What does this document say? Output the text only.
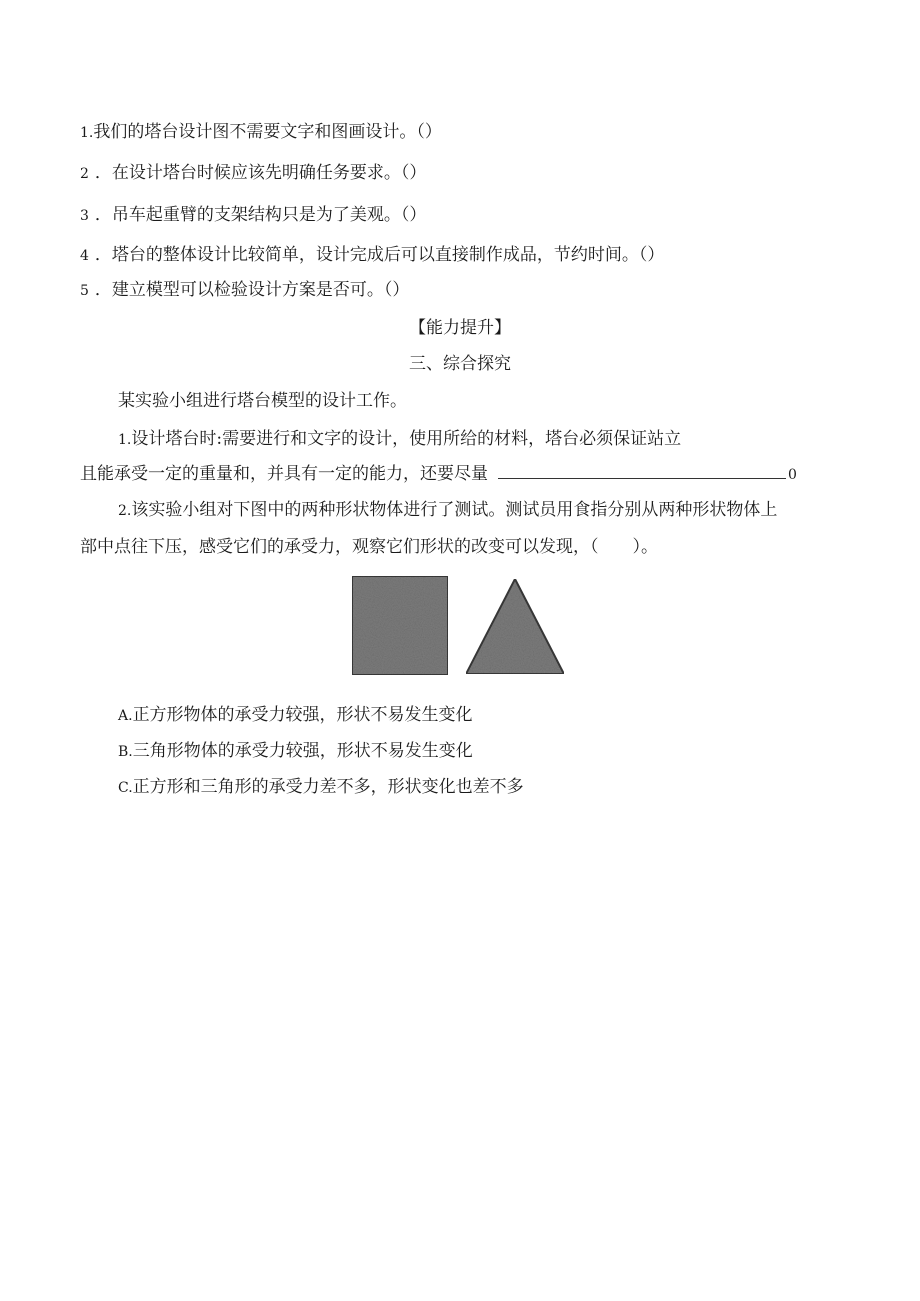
1.我们的塔台设计图不需要文字和图画设计。（）
2 ．在设计塔台时候应该先明确任务要求。（）
3 ．吊车起重臂的支架结构只是为了美观。（）
4 ．塔台的整体设计比较简单，设计完成后可以直接制作成品，节约时间。（）
5 ．建立模型可以检验设计方案是否可。（）
【能力提升】
三、综合探究
某实验小组进行塔台模型的设计工作。
1.设计塔台时:需要进行和文字的设计，使用所给的材料，塔台必须保证站立
且能承受一定的重量和，并具有一定的能力，还要尽量	0
2.该实验小组对下图中的两种形状物体进行了测试。测试员用食指分别从两种形状物体上
部中点往下压，感受它们的承受力，观察它们形状的改变可以发现，（　　）。
A.正方形物体的承受力较强，形状不易发生变化
B.三角形物体的承受力较强，形状不易发生变化
C.正方形和三角形的承受力差不多，形状变化也差不多
